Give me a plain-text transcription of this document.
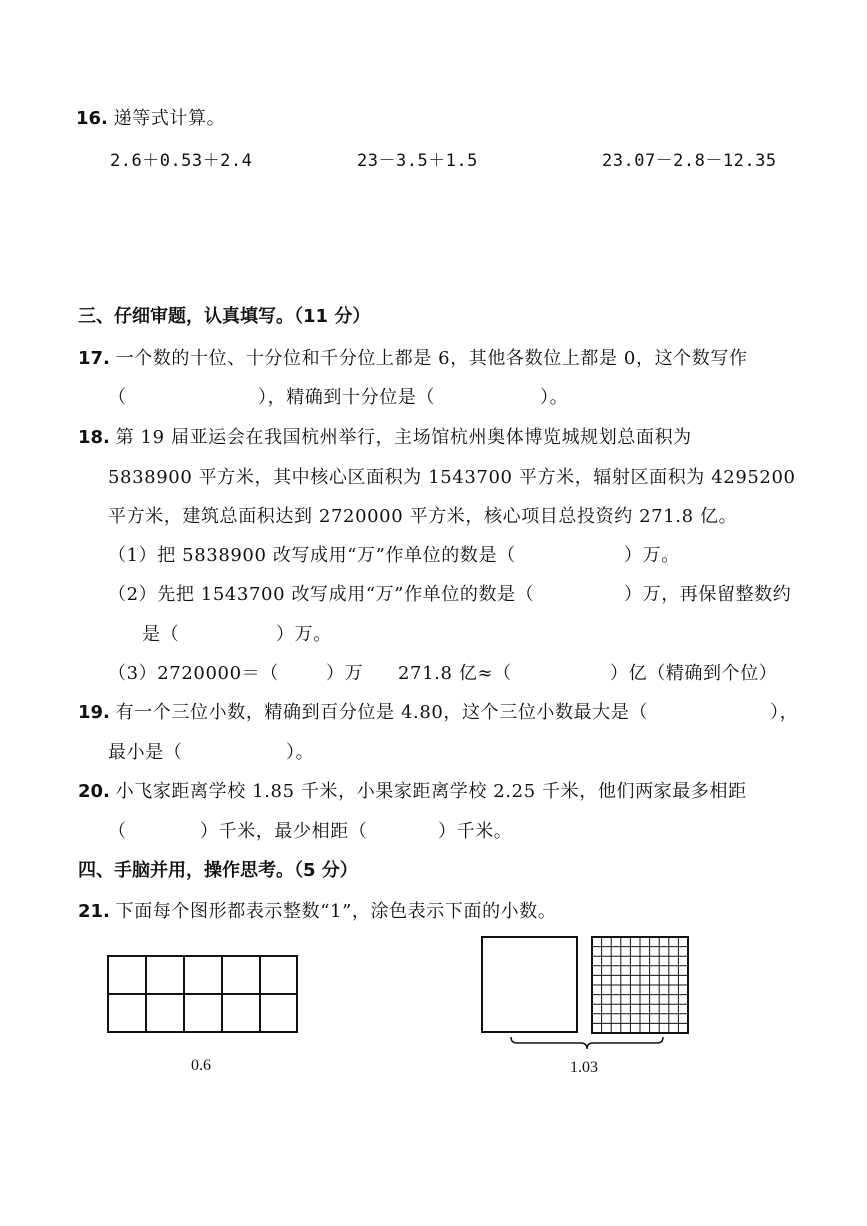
16. 递等式计算。
2.6＋0.53＋2.4	23－3.5＋1.5	23.07－2.8－12.35
三、仔细审题，认真填写。（11 分）
17. 一个数的十位、十分位和千分位上都是 6，其他各数位上都是 0，这个数写作
（	），精确到十分位是（	）。
18. 第 19 届亚运会在我国杭州举行，主场馆杭州奥体博览城规划总面积为
5838900 平方米，其中核心区面积为 1543700 平方米，辐射区面积为 4295200
平方米，建筑总面积达到 2720000 平方米，核心项目总投资约 271.8 亿。
（1）把 5838900 改写成用“万”作单位的数是（	）万。
（2）先把 1543700 改写成用“万”作单位的数是（	）万，再保留整数约
是（	）万。
（3）2720000＝（	）万 271.8 亿≈（	）亿（精确到个位）
19. 有一个三位小数，精确到百分位是 4.80，这个三位小数最大是（	），
最小是（	）。
20. 小飞家距离学校 1.85 千米，小果家距离学校 2.25 千米，他们两家最多相距
（	）千米，最少相距（	）千米。
四、手脑并用，操作思考。（5 分）
21. 下面每个图形都表示整数“1”，涂色表示下面的小数。
0.6	1.03
